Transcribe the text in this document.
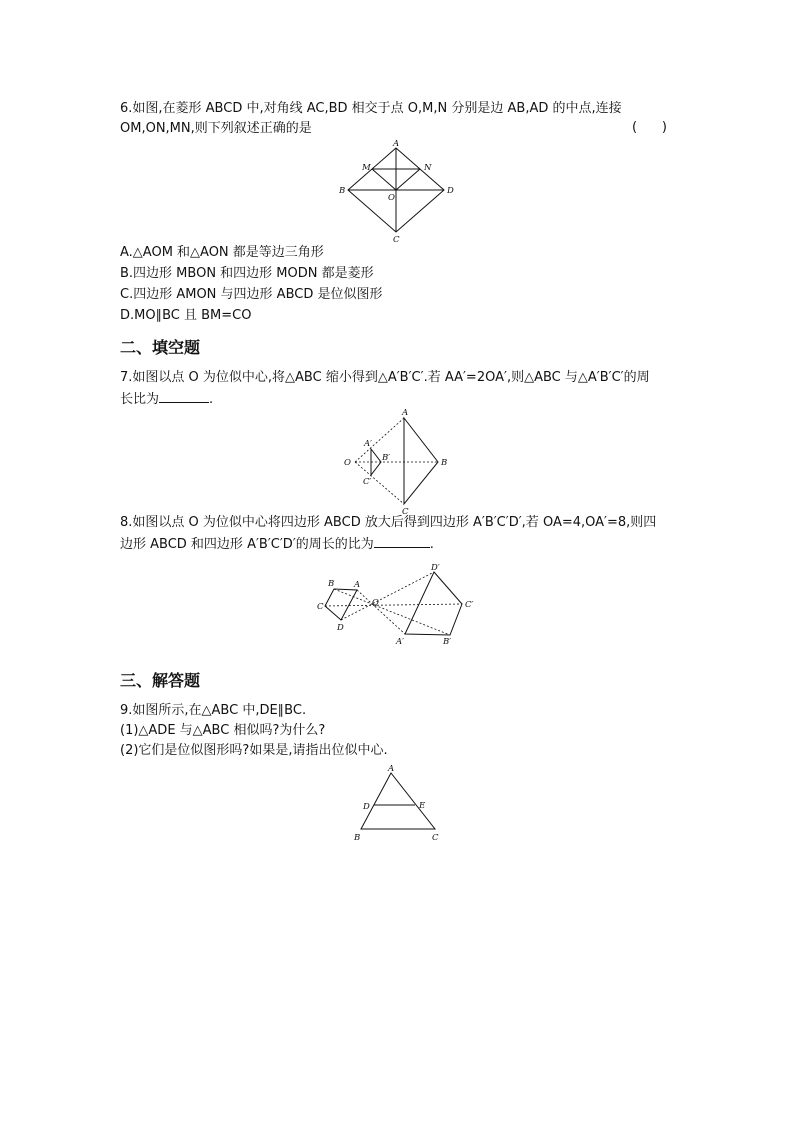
6.如图,在菱形 ABCD 中,对角线 AC,BD 相交于点 O,M,N 分别是边 AB,AD 的中点,连接
OM,ON,MN,则下列叙述正确的是	(      )
A
M	N
B	D
O
C
A.△AOM 和△AON 都是等边三角形
B.四边形 MBON 和四边形 MODN 都是菱形
C.四边形 AMON 与四边形 ABCD 是位似图形
D.MO∥BC 且 BM=CO
二、填空题
7.如图以点 O 为位似中心,将△ABC 缩小得到△A′B′C′.若 AA′=2OA′,则△ABC 与△A′B′C′的周
长比为	.
A
A′
B′
O	B
C′
C
8.如图以点 O 为位似中心将四边形 ABCD 放大后得到四边形 A′B′C′D′,若 OA=4,OA′=8,则四
边形 ABCD 和四边形 A′B′C′D′的周长的比为	.
B A
C
D
O
D′
C′
A′	B′
三、解答题
9.如图所示,在△ABC 中,DE∥BC.
(1)△ADE 与△ABC 相似吗?为什么?
(2)它们是位似图形吗?如果是,请指出位似中心.
A
D	E
B	C
